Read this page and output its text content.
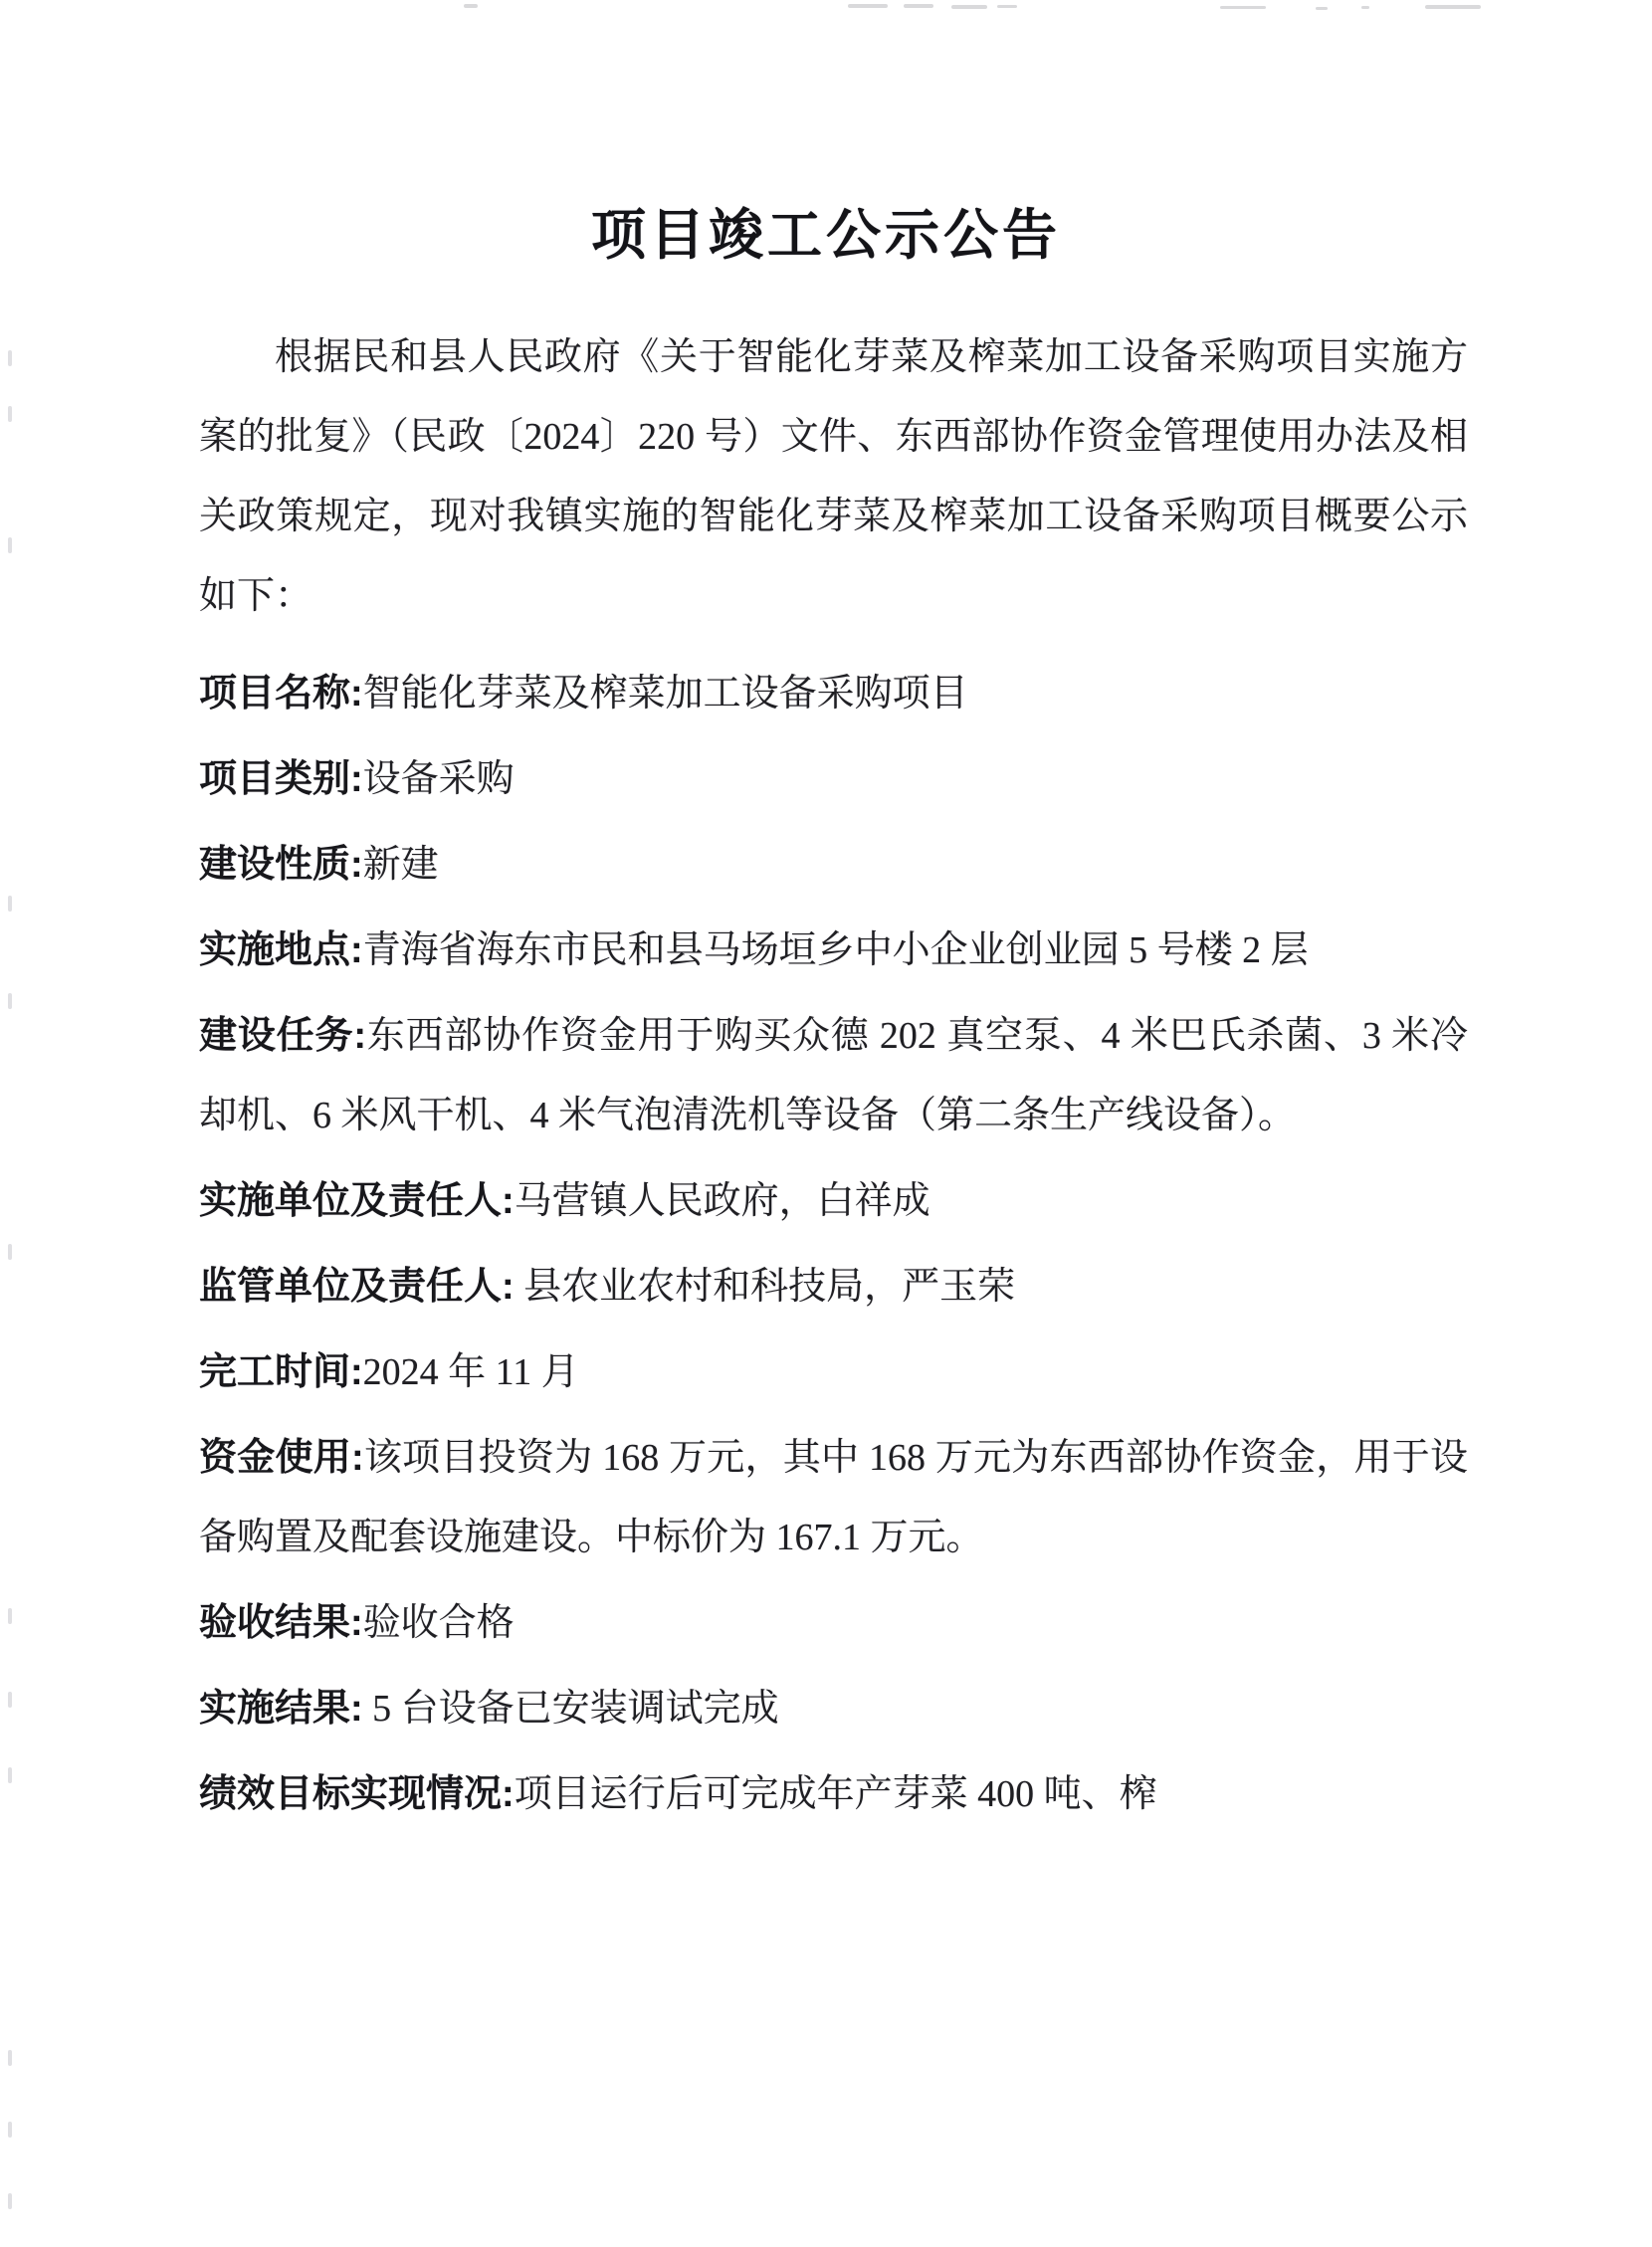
项目竣工公示公告

根据民和县人民政府《关于智能化芽菜及榨菜加工设备采购项目实施方案的批复》（民政〔2024〕220 号）文件、东西部协作资金管理使用办法及相关政策规定，现对我镇实施的智能化芽菜及榨菜加工设备采购项目概要公示如下：

项目名称:智能化芽菜及榨菜加工设备采购项目

项目类别:设备采购

建设性质:新建

实施地点:青海省海东市民和县马场垣乡中小企业创业园 5 号楼 2 层

建设任务:东西部协作资金用于购买众德 202 真空泵、4 米巴氏杀菌、3 米冷却机、6 米风干机、4 米气泡清洗机等设备（第二条生产线设备）。

实施单位及责任人:马营镇人民政府，白祥成

监管单位及责任人: 县农业农村和科技局，严玉荣

完工时间:2024 年 11 月

资金使用:该项目投资为 168 万元，其中 168 万元为东西部协作资金，用于设备购置及配套设施建设。中标价为 167.1 万元。

验收结果:验收合格

实施结果: 5 台设备已安装调试完成

绩效目标实现情况:项目运行后可完成年产芽菜 400 吨、榨
